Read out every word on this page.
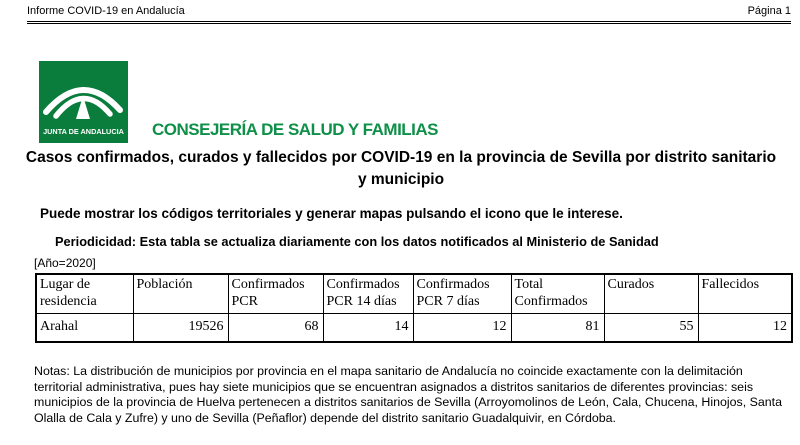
Informe COVID-19 en Andalucía	Página 1
JUNTA DE ANDALUCIA CONSEJERÍA DE SALUD Y FAMILIAS
Casos confirmados, curados y fallecidos por COVID-19 en la provincia de Sevilla por distrito sanitario y municipio

Puede mostrar los códigos territoriales y generar mapas pulsando el icono que le interese.

Periodicidad: Esta tabla se actualiza diariamente con los datos notificados al Ministerio de Sanidad

[Año=2020]

Lugar de residencia	Población	Confirmados PCR	Confirmados PCR 14 días	Confirmados PCR 7 días	Total Confirmados	Curados	Fallecidos
Arahal	19526	68	14	12	81	55	12

Notas: La distribución de municipios por provincia en el mapa sanitario de Andalucía no coincide exactamente con la delimitación territorial administrativa, pues hay siete municipios que se encuentran asignados a distritos sanitarios de diferentes provincias: seis municipios de la provincia de Huelva pertenecen a distritos sanitarios de Sevilla (Arroyomolinos de León, Cala, Chucena, Hinojos, Santa Olalla de Cala y Zufre) y uno de Sevilla (Peñaflor) depende del distrito sanitario Guadalquivir, en Córdoba.
